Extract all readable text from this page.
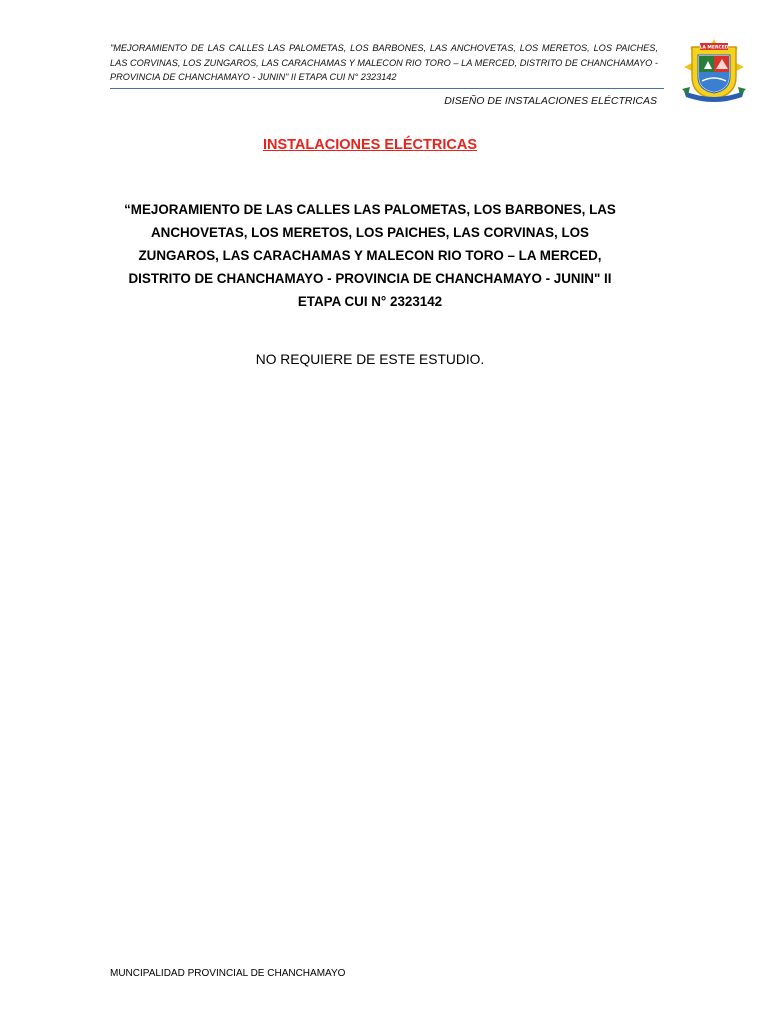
"MEJORAMIENTO DE LAS CALLES LAS PALOMETAS, LOS BARBONES, LAS ANCHOVETAS, LOS MERETOS, LOS PAICHES, LAS CORVINAS, LOS ZUNGAROS, LAS CARACHAMAS Y MALECON RIO TORO – LA MERCED, DISTRITO DE CHANCHAMAYO - PROVINCIA DE CHANCHAMAYO - JUNIN" II ETAPA CUI N° 2323142
DISEÑO DE INSTALACIONES ELÉCTRICAS
LA MERCED
INSTALACIONES ELÉCTRICAS
“MEJORAMIENTO DE LAS CALLES LAS PALOMETAS, LOS BARBONES, LAS ANCHOVETAS, LOS MERETOS, LOS PAICHES, LAS CORVINAS, LOS ZUNGAROS, LAS CARACHAMAS Y MALECON RIO TORO – LA MERCED, DISTRITO DE CHANCHAMAYO - PROVINCIA DE CHANCHAMAYO - JUNIN" II ETAPA CUI N° 2323142
NO REQUIERE DE ESTE ESTUDIO.
MUNCIPALIDAD PROVINCIAL DE CHANCHAMAYO
